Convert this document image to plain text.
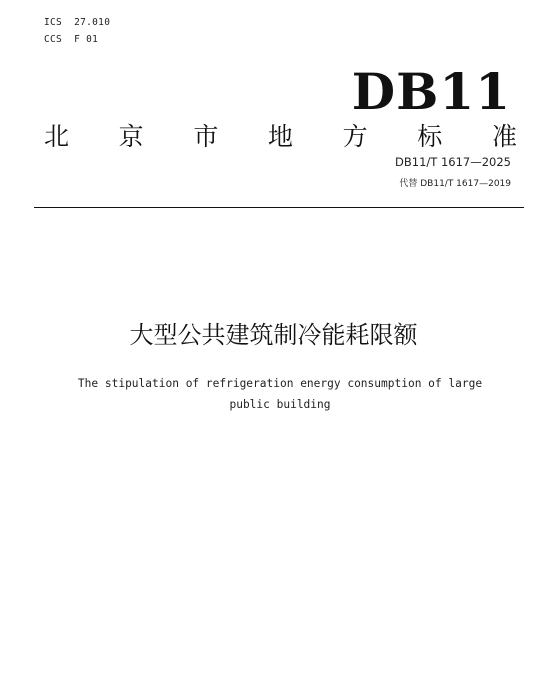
ICS  27.010
CCS  F 01
DB11
北 京 市 地 方 标 准
DB11/T 1617—2025
代替 DB11/T 1617—2019
大型公共建筑制冷能耗限额
The stipulation of refrigeration energy consumption of large
public building
